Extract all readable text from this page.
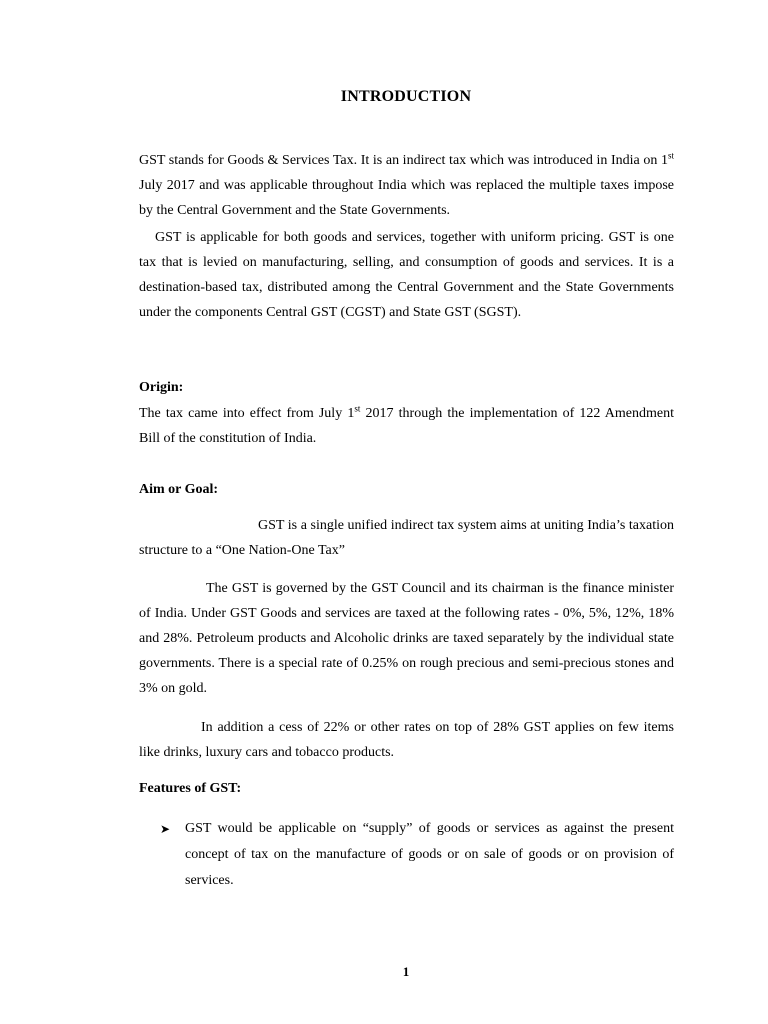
INTRODUCTION

GST stands for Goods & Services Tax. It is an indirect tax which was introduced in India on 1st July 2017 and was applicable throughout India which was replaced the multiple taxes impose by the Central Government and the State Governments.

GST is applicable for both goods and services, together with uniform pricing. GST is one tax that is levied on manufacturing, selling, and consumption of goods and services. It is a destination-based tax, distributed among the Central Government and the State Governments under the components Central GST (CGST) and State GST (SGST).

Origin:

The tax came into effect from July 1st 2017 through the implementation of 122 Amendment Bill of the constitution of India.

Aim or Goal:

GST is a single unified indirect tax system aims at uniting India’s taxation structure to a “One Nation-One Tax”

The GST is governed by the GST Council and its chairman is the finance minister of India. Under GST Goods and services are taxed at the following rates - 0%, 5%, 12%, 18% and 28%. Petroleum products and Alcoholic drinks are taxed separately by the individual state governments. There is a special rate of 0.25% on rough precious and semi-precious stones and 3% on gold.

In addition a cess of 22% or other rates on top of 28% GST applies on few items like drinks, luxury cars and tobacco products.

Features of GST:

➤ GST would be applicable on “supply” of goods or services as against the present concept of tax on the manufacture of goods or on sale of goods or on provision of services.
1
